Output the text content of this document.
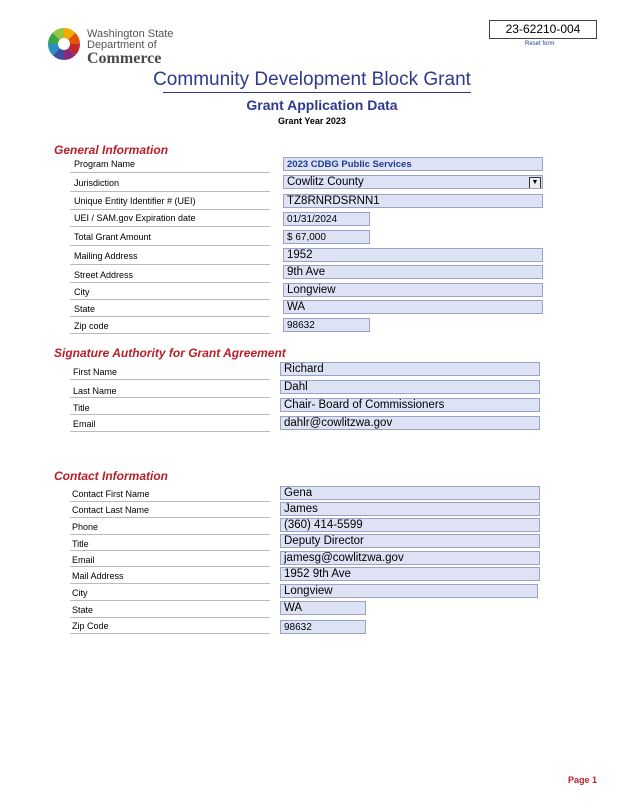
Washington State
Department of
Commerce
23-62210-004
Reset form
Community Development Block Grant
Grant Application Data
Grant Year 2023
General Information
Program Name	2023 CDBG Public Services
Jurisdiction	Cowlitz County	▼
Unique Entity Identifier # (UEI)	TZ8RNRDSRNN1
UEI / SAM.gov Expiration date	01/31/2024
Total Grant Amount	$ 67,000
Mailing Address	1952
Street Address	9th Ave
City	Longview
State	WA
Zip code	98632
Signature Authority for Grant Agreement
First Name	Richard
Last Name	Dahl
Title	Chair- Board of Commissioners
Email	dahlr@cowlitzwa.gov
Contact Information
Contact First Name	Gena
Contact Last Name	James
Phone	(360) 414-5599
Title	Deputy Director
Email	jamesg@cowlitzwa.gov
Mail Address	1952 9th Ave
City	Longview
State	WA
Zip Code	98632
Page 1
